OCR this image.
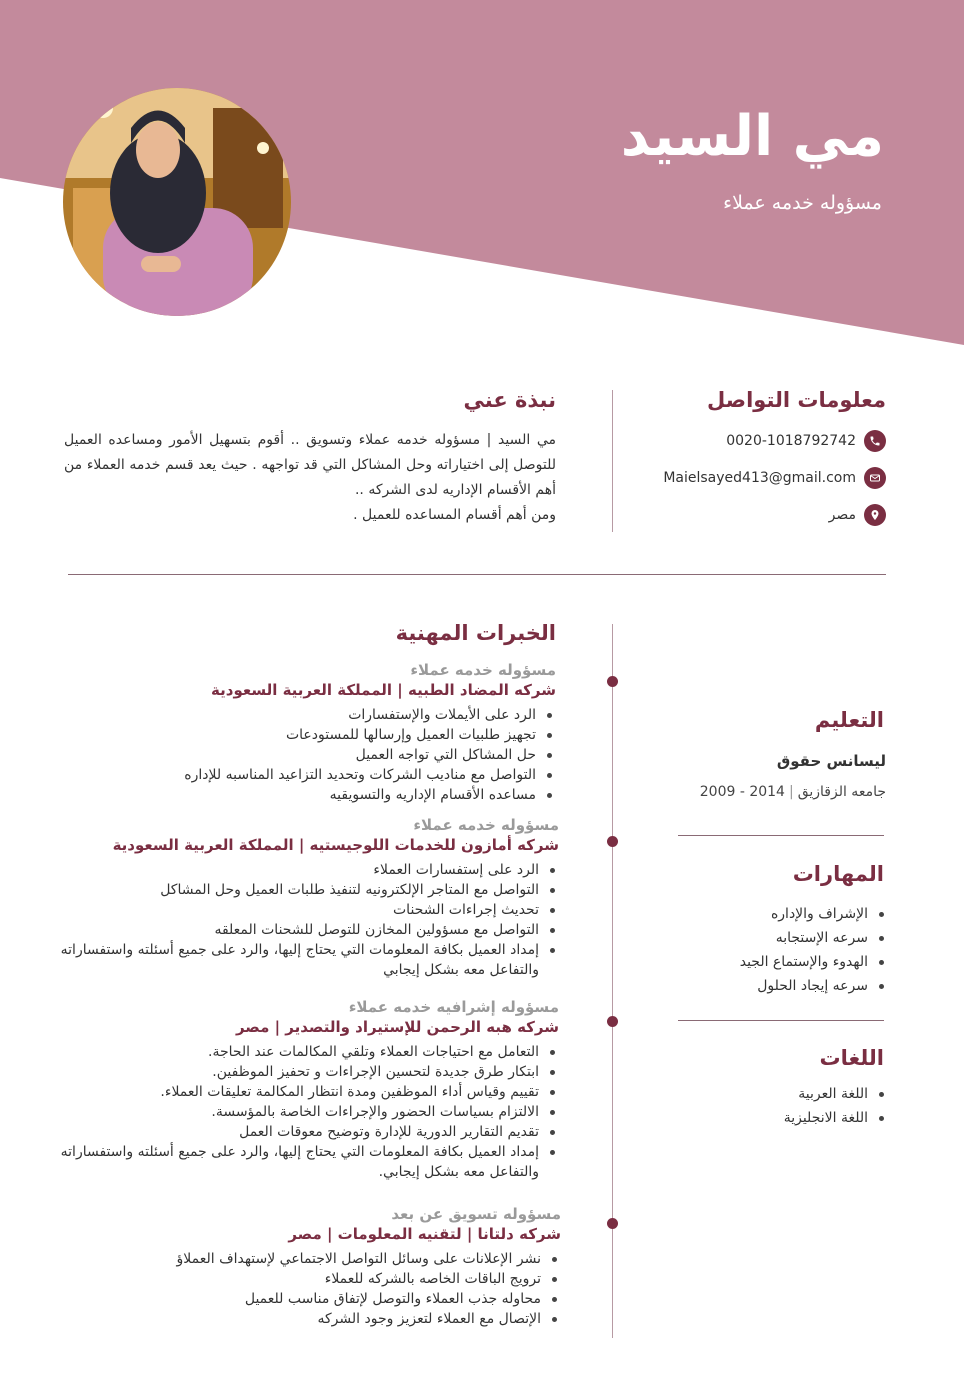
مي السيد
مسؤوله خدمه عملاء
معلومات التواصل
0020-1018792742
Maielsayed413@gmail.com
مصر
نبذة عني
مي السيد | مسؤوله خدمه عملاء وتسويق .. أقوم بتسهيل الأمور ومساعده العميل للتوصل إلى اختياراته وحل المشاكل التي قد تواجهه . حيث يعد قسم خدمه العملاء من أهم الأقسام الإداريه لدى الشركه ..
ومن أهم أقسام المساعده للعميل .
الخبرات المهنية
مسؤوله خدمه عملاء
شركه المضاد الطبيه | المملكة العربية السعودية
الرد على الأيملات والإستفسارات
تجهيز طلبيات العميل وإرسالها للمستودعات
حل المشاكل التي تواجه العميل
التواصل مع مناديب الشركات وتحديد التزاعيد المناسبه للإداره
مساعده الأقسام الإداريه والتسويقيه
مسؤوله خدمه عملاء
شركه أمازون للخدمات اللوجيستيه | المملكة العربية السعودية
الرد على إستفسارات العملاء
التواصل مع المتاجر الإلكترونيه لتنفيذ طلبات العميل وحل المشاكل
تحديث إجراءات الشحنات
التواصل مع مسؤولين المخازن للتوصل للشحنات المعلقه
إمداد العميل بكافة المعلومات التي يحتاج إليها، والرد على جميع أسئلته واستفساراته والتفاعل معه بشكل إيجابي
مسؤوله إشرافيه خدمه عملاء
شركه هبه الرحمن للإستيراد والتصدير | مصر
التعامل مع احتياجات العملاء وتلقي المكالمات عند الحاجة.
ابتكار طرق جديدة لتحسين الإجراءات و تحفيز الموظفين.
تقييم وقياس أداء الموظفين ومدة انتظار المكالمة تعليقات العملاء.
الالتزام بسياسات الحضور والإجراءات الخاصة بالمؤسسة.
تقديم التقارير الدورية للإدارة وتوضيح معوقات العمل
إمداد العميل بكافة المعلومات التي يحتاج إليها، والرد على جميع أسئلته واستفساراته والتفاعل معه بشكل إيجابي.
مسؤوله تسويق عن بعد
شركه دلتانا | لتقنيه المعلومات | مصر
نشر الإعلانات على وسائل التواصل الاجتماعي لإستهداف العملاؤ
ترويج الباقات الخاصه بالشركه للعملاء
محاوله جذب العملاء والتوصل لإتفاق مناسب للعميل
الإتصال مع العملاء لتعزيز وجود الشركه
التعليم
ليسانس حقوق
جامعه الزقازيق|2009 - 2014
المهارات
الإشراف والإداره
سرعه الإستجابه
الهدوء والإستماع الجيد
سرعه إيجاد الحلول
اللغات
اللغة العربية
اللغة الانجليزية
